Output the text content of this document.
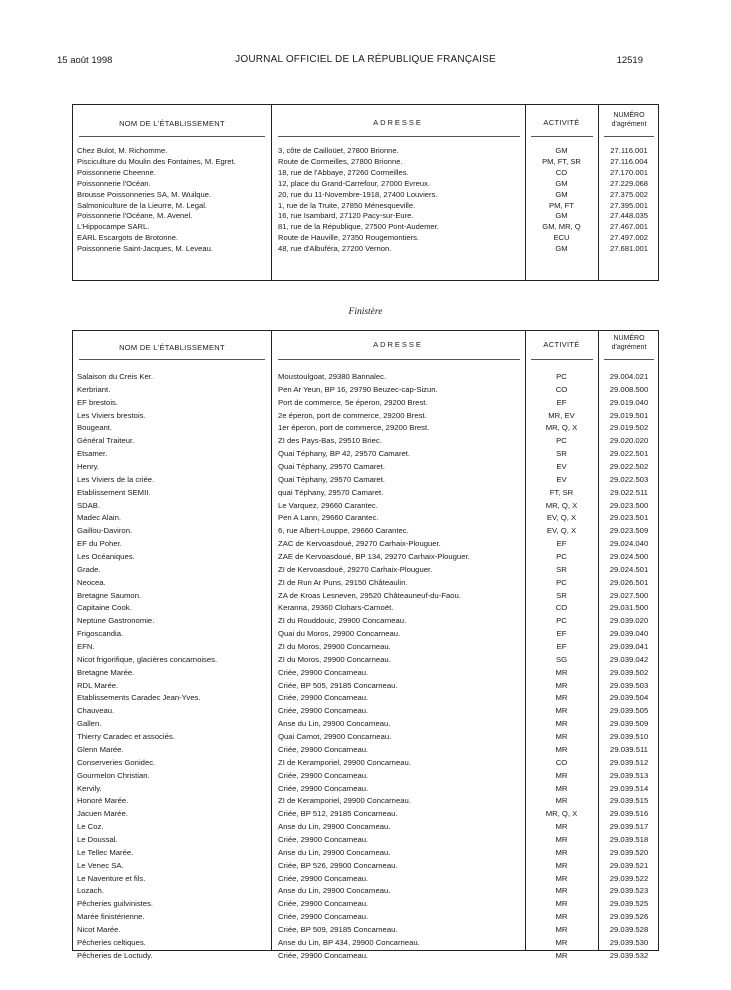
15 août 1998	JOURNAL OFFICIEL DE LA RÉPUBLIQUE FRANÇAISE	12519
NOM DE L'ÉTABLISSEMENT	ADRESSE	ACTIVITÉ
NUMÉRO
d'agrément
Chez Bulot, M. Richomme.	3, côte de Cailloüet, 27800 Brionne.	GM	27.116.001
Pisciculture du Moulin des Fontaines, M. Egret.	Route de Cormeilles, 27800 Brionne.	PM, FT, SR	27.116.004
Poissonnerie Cheenne.	18, rue de l'Abbaye, 27260 Cormeilles.	CO	27.170.001
Poissonnerie l'Océan.	12, place du Grand-Carrefour, 27000 Evreux.	GM	27.229.068
Brousse Poissonneries SA, M. Wuilque.	20, rue du 11-Novembre-1918, 27400 Louviers.	GM	27.375.002
Salmoniculture de la Lieurre, M. Legal.	1, rue de la Truite, 27850 Ménesqueville.	PM, FT	27.395.001
Poissonnerie l'Océane, M. Avenel.	16, rue Isambard, 27120 Pacy-sur-Eure.	GM	27.448.035
L'Hippocampe SARL.	81, rue de la République, 27500 Pont-Audemer.	GM, MR, Q	27.467.001
EARL Escargots de Brotonne.	Route de Hauville, 27350 Rougemontiers.	ECU	27.497.002
Poissonnerie Saint-Jacques, M. Leveau.	48, rue d'Albuféra, 27200 Vernon.	GM	27.681.001
Finistère
NOM DE L'ÉTABLISSEMENT	ADRESSE	ACTIVITÉ
NUMÉRO
d'agrément
Salaison du Creis Ker.	Moustoulgoat, 29380 Bannalec.	PC	29.004.021
Kerbriant.	Pen Ar Yeun, BP 16, 29790 Beuzec-cap-Sizun.	CO	29.008.500
EF brestois.	Port de commerce, 5e éperon, 29200 Brest.	EF	29.019.040
Les Viviers brestois.	2e éperon, port de commerce, 29200 Brest.	MR, EV	29.019.501
Bougeant.	1er éperon, port de commerce, 29200 Brest.	MR, Q, X	29.019.502
Général Traiteur.	ZI des Pays-Bas, 29510 Briec.	PC	29.020.020
Etsamer.	Quai Téphany, BP 42, 29570 Camaret.	SR	29.022.501
Henry.	Quai Téphany, 29570 Camaret.	EV	29.022.502
Les Viviers de la criée.	Quai Téphany, 29570 Camaret.	EV	29.022.503
Etablissement SEMII.	quai Téphany, 29570 Camaret.	FT, SR	29.022.511
SDAB.	Le Varquez, 29660 Carantec.	MR, Q, X	29.023.500
Madec Alain.	Pen A Lann, 29660 Carantec.	EV, Q, X	29.023.501
Gaillou-Daviron.	6, rue Albert-Louppe, 29660 Carantec.	EV, Q, X	29.023.509
EF du Poher.	ZAC de Kervoasdoué, 29270 Carhaix-Plouguer.	EF	29.024.040
Les Océaniques.	ZAE de Kervoasdoué, BP 134, 29270 Carhaix-Plouguer.	PC	29.024.500
Grade.	ZI de Kervoasdoué, 29270 Carhaix-Plouguer.	SR	29.024.501
Neocea.	ZI de Run Ar Puns, 29150 Châteaulin.	PC	29.026.501
Bretagne Saumon.	ZA de Kroas Lesneven, 29520 Châteauneuf-du-Faou.	SR	29.027.500
Capitaine Cook.	Keranna, 29360 Clohars-Carnoët.	CO	29.031.500
Neptune Gastronomie.	ZI du Rouddouic, 29900 Concarneau.	PC	29.039.020
Frigoscandia.	Quai du Moros, 29900 Concarneau.	EF	29.039.040
EFN.	ZI du Moros, 29900 Concarneau.	EF	29.039.041
Nicot frigorifique, glacières concarnoises.	ZI du Moros, 29900 Concarneau.	SG	29.039.042
Bretagne Marée.	Criée, 29900 Concarneau.	MR	29.039.502
RDL Marée.	Criée, BP 505, 29185 Concarneau.	MR	29.039.503
Etablissements Caradec Jean-Yves.	Criée, 29900 Concarneau.	MR	29.039.504
Chauveau.	Criée, 29900 Concarneau.	MR	29.039.505
Gallen.	Anse du Lin, 29900 Concarneau.	MR	29.039.509
Thierry Caradec et associés.	Quai Carnot, 29900 Concarneau.	MR	29.039.510
Glenn Marée.	Criée, 29900 Concarneau.	MR	29.039.511
Conserveries Gonidec.	ZI de Keramporiel, 29900 Concarneau.	CO	29.039.512
Gourmelon Christian.	Criée, 29900 Concarneau.	MR	29.039.513
Kervily.	Criée, 29900 Concarneau.	MR	29.039.514
Honoré Marée.	ZI de Keramporiel, 29900 Concarneau.	MR	29.039.515
Jacuen Marée.	Criée, BP 512, 29185 Concarneau.	MR, Q, X	29.039.516
Le Coz.	Anse du Lin, 29900 Concarneau.	MR	29.039.517
Le Doussal.	Criée, 29900 Concarneau.	MR	29.039.518
Le Tellec Marée.	Anse du Lin, 29900 Concarneau.	MR	29.039.520
Le Venec SA.	Criée, BP 526, 29900 Concarneau.	MR	29.039.521
Le Naventure et fils.	Criée, 29900 Concarneau.	MR	29.039.522
Lozach.	Anse du Lin, 29900 Concarneau.	MR	29.039.523
Pêcheries guilvinistes.	Criée, 29900 Concarneau.	MR	29.039.525
Marée finistérienne.	Criée, 29900 Concarneau.	MR	29.039.526
Nicot Marée.	Criée, BP 509, 29185 Concarneau.	MR	29.039.528
Pêcheries celtiques.	Anse du Lin, BP 434, 29900 Concarneau.	MR	29.039.530
Pêcheries de Loctudy.	Criée, 29900 Concarneau.	MR	29.039.532
